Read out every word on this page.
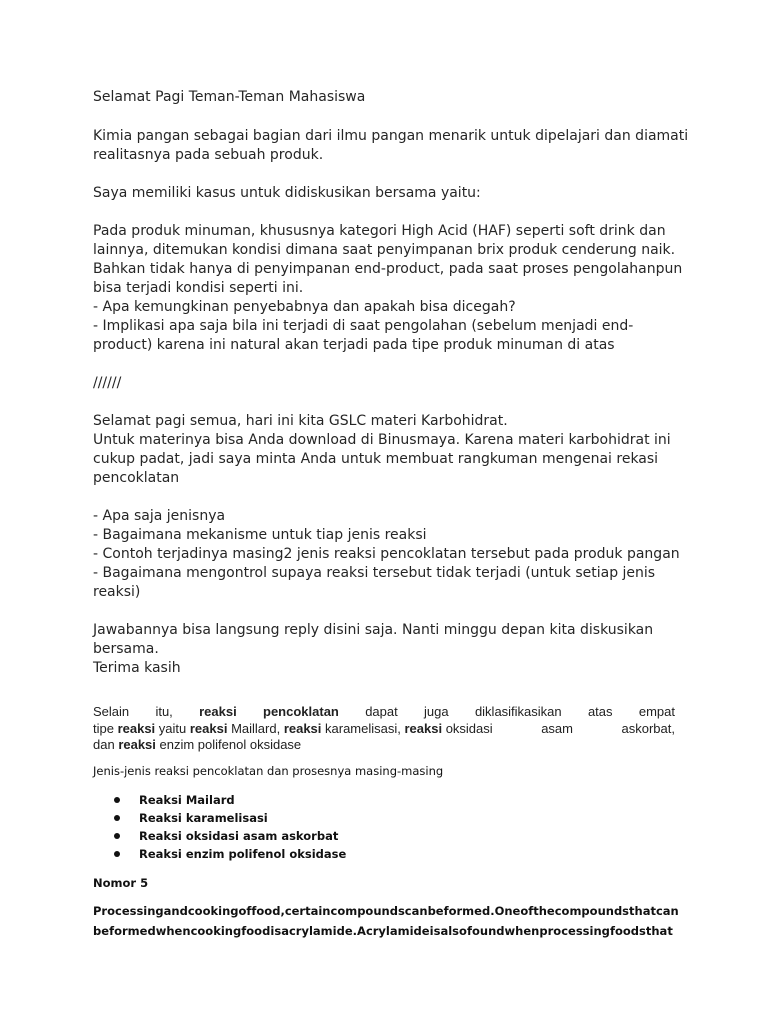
Selamat Pagi Teman-Teman Mahasiswa
Kimia pangan sebagai bagian dari ilmu pangan menarik untuk dipelajari dan diamati
realitasnya pada sebuah produk.
Saya memiliki kasus untuk didiskusikan bersama yaitu:
Pada produk minuman, khususnya kategori High Acid (HAF) seperti soft drink dan
lainnya, ditemukan kondisi dimana saat penyimpanan brix produk cenderung naik.
Bahkan tidak hanya di penyimpanan end-product, pada saat proses pengolahanpun
bisa terjadi kondisi seperti ini.
- Apa kemungkinan penyebabnya dan apakah bisa dicegah?
- Implikasi apa saja bila ini terjadi di saat pengolahan (sebelum menjadi end-
product) karena ini natural akan terjadi pada tipe produk minuman di atas
//////
Selamat pagi semua, hari ini kita GSLC materi Karbohidrat.
Untuk materinya bisa Anda download di Binusmaya. Karena materi karbohidrat ini
cukup padat, jadi saya minta Anda untuk membuat rangkuman mengenai rekasi
pencoklatan
- Apa saja jenisnya
- Bagaimana mekanisme untuk tiap jenis reaksi
- Contoh terjadinya masing2 jenis reaksi pencoklatan tersebut pada produk pangan
- Bagaimana mengontrol supaya reaksi tersebut tidak terjadi (untuk setiap jenis
reaksi)
Jawabannya bisa langsung reply disini saja. Nanti minggu depan kita diskusikan
bersama.
Terima kasih
Selain itu, reaksi pencoklatan dapat juga diklasifikasikan atas empat
tipe reaksi yaitu reaksi Maillard, reaksi karamelisasi, reaksi oksidasi	asam	askorbat,
dan reaksi enzim polifenol oksidase
Jenis-jenis reaksi pencoklatan dan prosesnya masing-masing
Reaksi Mailard
Reaksi karamelisasi
Reaksi oksidasi asam askorbat
Reaksi enzim polifenol oksidase
Nomor 5
Processing and cooking of food, certain compounds can be formed. One of the compounds that can
be formed when cooking food is acrylamide. Acrylamide is also found when processing foods that
